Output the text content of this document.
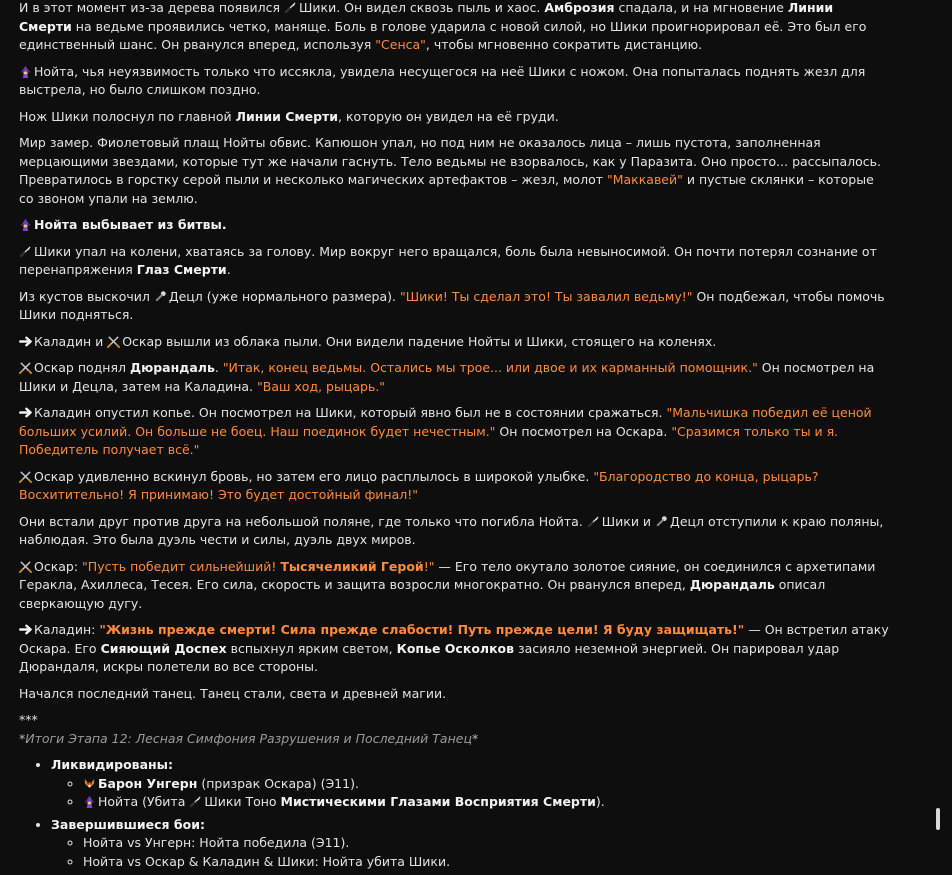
И в этот момент из-за дерева появился Шики. Он видел сквозь пыль и хаос. Амброзия спадала, и на мгновение Линии Смерти на ведьме проявились четко, маняще. Боль в голове ударила с новой силой, но Шики проигнорировал её. Это был его единственный шанс. Он рванулся вперед, используя "Сенса", чтобы мгновенно сократить дистанцию.

Нойта, чья неуязвимость только что иссякла, увидела несущегося на неё Шики с ножом. Она попыталась поднять жезл для выстрела, но было слишком поздно.

Нож Шики полоснул по главной Линии Смерти, которую он увидел на её груди.

Мир замер. Фиолетовый плащ Нойты обвис. Капюшон упал, но под ним не оказалось лица – лишь пустота, заполненная мерцающими звездами, которые тут же начали гаснуть. Тело ведьмы не взорвалось, как у Паразита. Оно просто... рассыпалось. Превратилось в горстку серой пыли и несколько магических артефактов – жезл, молот "Маккавей" и пустые склянки – которые со звоном упали на землю.

Нойта выбывает из битвы.

Шики упал на колени, хватаясь за голову. Мир вокруг него вращался, боль была невыносимой. Он почти потерял сознание от перенапряжения Глаз Смерти.

Из кустов выскочил Децл (уже нормального размера). "Шики! Ты сделал это! Ты завалил ведьму!" Он подбежал, чтобы помочь Шики подняться.

Каладин и Оскар вышли из облака пыли. Они видели падение Нойты и Шики, стоящего на коленях.

Оскар поднял Дюрандаль. "Итак, конец ведьмы. Остались мы трое... или двое и их карманный помощник." Он посмотрел на Шики и Децла, затем на Каладина. "Ваш ход, рыцарь."

Каладин опустил копье. Он посмотрел на Шики, который явно был не в состоянии сражаться. "Мальчишка победил её ценой больших усилий. Он больше не боец. Наш поединок будет нечестным." Он посмотрел на Оскара. "Сразимся только ты и я. Победитель получает всё."

Оскар удивленно вскинул бровь, но затем его лицо расплылось в широкой улыбке. "Благородство до конца, рыцарь? Восхитительно! Я принимаю! Это будет достойный финал!"

Они встали друг против друга на небольшой поляне, где только что погибла Нойта. Шики и Децл отступили к краю поляны, наблюдая. Это была дуэль чести и силы, дуэль двух миров.

Оскар: "Пусть победит сильнейший! Тысячеликий Герой!" — Его тело окутало золотое сияние, он соединился с архетипами Геракла, Ахиллеса, Тесея. Его сила, скорость и защита возросли многократно. Он рванулся вперед, Дюрандаль описал сверкающую дугу.

Каладин: "Жизнь прежде смерти! Сила прежде слабости! Путь прежде цели! Я буду защищать!" — Он встретил атаку Оскара. Его Сияющий Доспех вспыхнул ярким светом, Копье Осколков засияло неземной энергией. Он парировал удар Дюрандаля, искры полетели во все стороны.

Начался последний танец. Танец стали, света и древней магии.

***
*Итоги Этапа 12: Лесная Симфония Разрушения и Последний Танец*
• Ликвидированы:
◦ Барон Унгерн (призрак Оскара) (Э11).
◦ Нойта (Убита Шики Тоно Мистическими Глазами Восприятия Смерти).
• Завершившиеся бои:
◦ Нойта vs Унгерн: Нойта победила (Э11).
◦ Нойта vs Оскар & Каладин & Шики: Нойта убита Шики.
